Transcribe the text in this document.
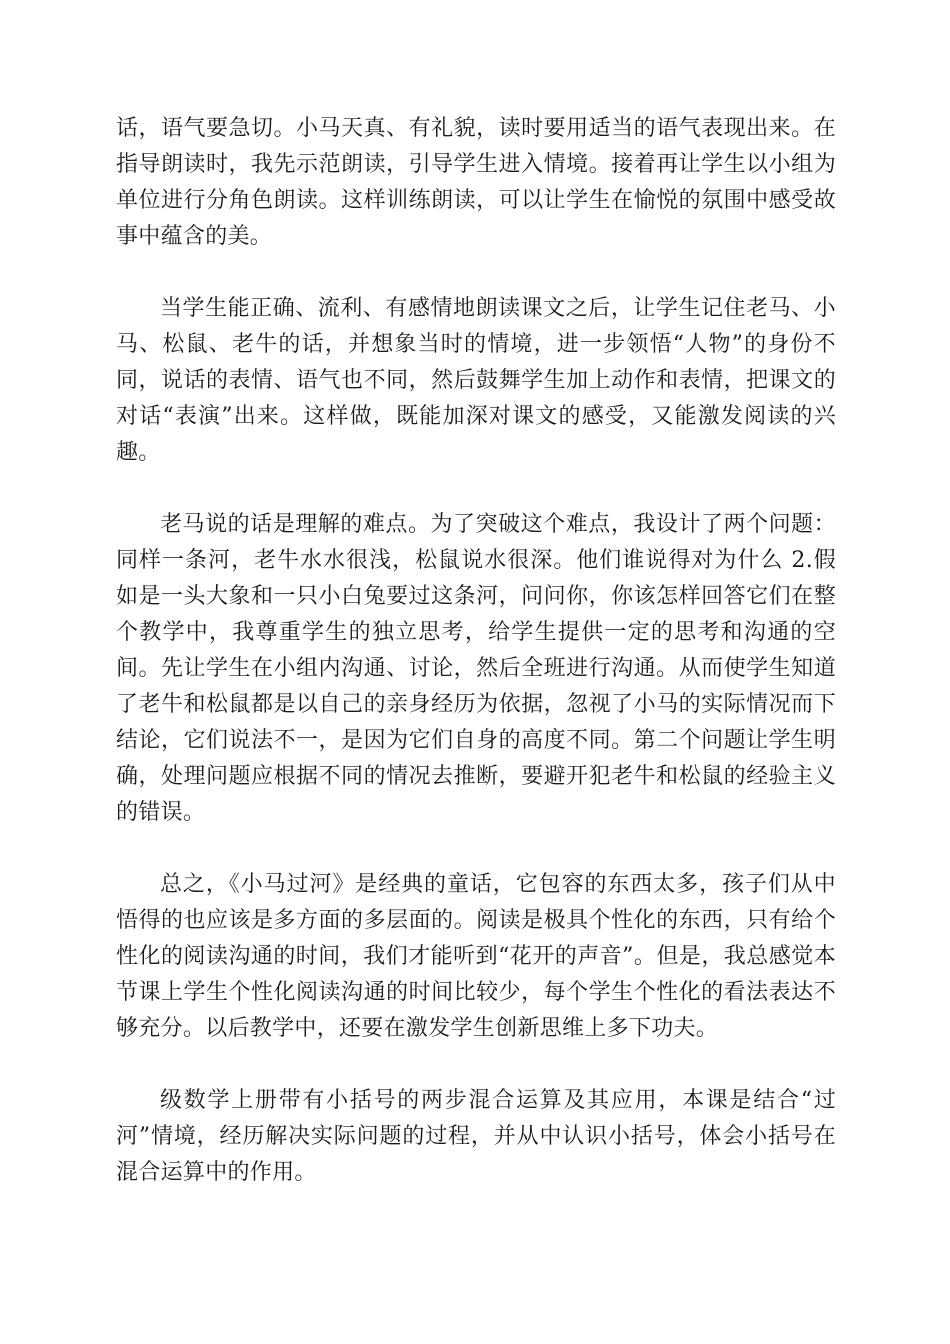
话，语气要急切。小马天真、有礼貌，读时要用适当的语气表现出来。在指导朗读时，我先示范朗读，引导学生进入情境。接着再让学生以小组为单位进行分角色朗读。这样训练朗读，可以让学生在愉悦的氛围中感受故事中蕴含的美。

当学生能正确、流利、有感情地朗读课文之后，让学生记住老马、小马、松鼠、老牛的话，并想象当时的情境，进一步领悟“人物”的身份不同，说话的表情、语气也不同，然后鼓舞学生加上动作和表情，把课文的对话“表演”出来。这样做，既能加深对课文的感受，又能激发阅读的兴趣。

老马说的话是理解的难点。为了突破这个难点，我设计了两个问题：同样一条河，老牛水水很浅，松鼠说水很深。他们谁说得对为什么 2.假如是一头大象和一只小白兔要过这条河，问问你，你该怎样回答它们在整个教学中，我尊重学生的独立思考，给学生提供一定的思考和沟通的空间。先让学生在小组内沟通、讨论，然后全班进行沟通。从而使学生知道了老牛和松鼠都是以自己的亲身经历为依据，忽视了小马的实际情况而下结论，它们说法不一，是因为它们自身的高度不同。第二个问题让学生明确，处理问题应根据不同的情况去推断，要避开犯老牛和松鼠的经验主义的错误。

总之，《小马过河》是经典的童话，它包容的东西太多，孩子们从中悟得的也应该是多方面的多层面的。阅读是极具个性化的东西，只有给个性化的阅读沟通的时间，我们才能听到“花开的声音”。但是，我总感觉本节课上学生个性化阅读沟通的时间比较少，每个学生个性化的看法表达不够充分。以后教学中，还要在激发学生创新思维上多下功夫。

级数学上册带有小括号的两步混合运算及其应用，本课是结合“过河”情境，经历解决实际问题的过程，并从中认识小括号，体会小括号在混合运算中的作用。
